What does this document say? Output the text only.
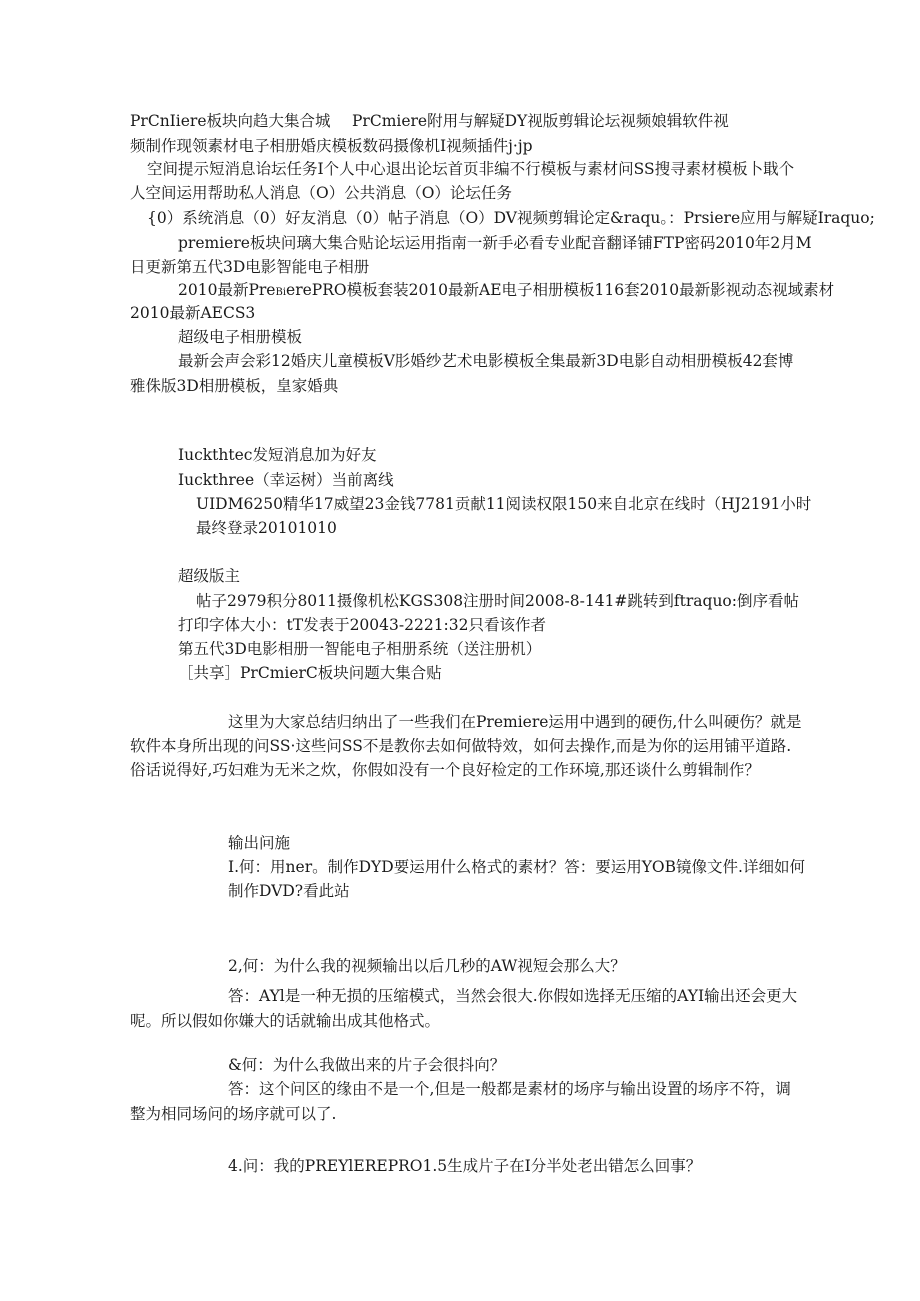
PrCnIiere板块向趋大集合城 PrCmiere附用与解疑DY视版剪辑论坛视频娘辑软件视
频制作现领素材电子相册婚庆模板数码摄像机I视频插件j·jp
空间提示短消息诒坛任务I个人中心退出论坛首页非编不行模板与素材问SS搜寻素材模板卜戢个
人空间运用帮助私人消息（O）公共消息（O）论坛任务
{0）系统消息（0）好友消息（0）帖子消息（O）DV视频剪辑论定&raqu。：Prsiere应用与解疑Iraquo;
premiere板块问璃大集合贴论坛运用指南一新手必看专业配音翻译铺FTP密码2010年2月M
日更新第五代3D电影智能电子相册
2010最新PreBierePRO模板套装2010最新AE电子相册模板116套2010最新影视动态视域素材
2010最新AECS3
超级电子相册模板
最新会声会彩12婚庆儿童模板V肜婚纱艺术电影模板全集最新3D电影自动相册模板42套博
雅侏版3D相册模板，皇家婚典
Iuckthtec发短消息加为好友
Iuckthree（幸运树）当前离线
UIDM6250精华17威望23金钱7781贡献11阅读权限150来自北京在线时（HJ2191小时
最终登录20101010
超级版主
帖子2979积分8011摄像机松KGS308注册时间2008-8-141#跳转到ftraquo:倒序看帖
打印字体大小：tT发表于20043-2221:32只看该作者
第五代3D电影相册一智能电子相册系统（送注册机）
［共享］PrCmierC板块问题大集合贴
这里为大家总结归纳出了一些我们在Premiere运用中遇到的硬伤,什么叫硬伤？就是
软件本身所出现的问SS·这些问SS不是教你去如何做特效，如何去操作,而是为你的运用铺平道路.
俗话说得好,巧妇难为无米之炊，你假如没有一个良好检定的工作环境,那还谈什么剪辑制作？
输出问施
I.何：用ner。制作DYD要运用什么格式的素材？答：要运用YOB镜像文件.详细如何
制作DVD?看此站
2,何：为什么我的视频输出以后几秒的AW视短会那么大？
答：AYl是一种无损的压缩模式，当然会很大.你假如选择无压缩的AYI输出还会更大
呢。所以假如你嫌大的话就输出成其他格式。
&何：为什么我做出来的片子会很抖向？
答：这个问区的缘由不是一个,但是一般都是素材的场序与输出设置的场序不符，调
整为相同场问的场序就可以了.
4.问：我的PREYlEREPRO1.5生成片子在I分半处老出错怎么回事？
